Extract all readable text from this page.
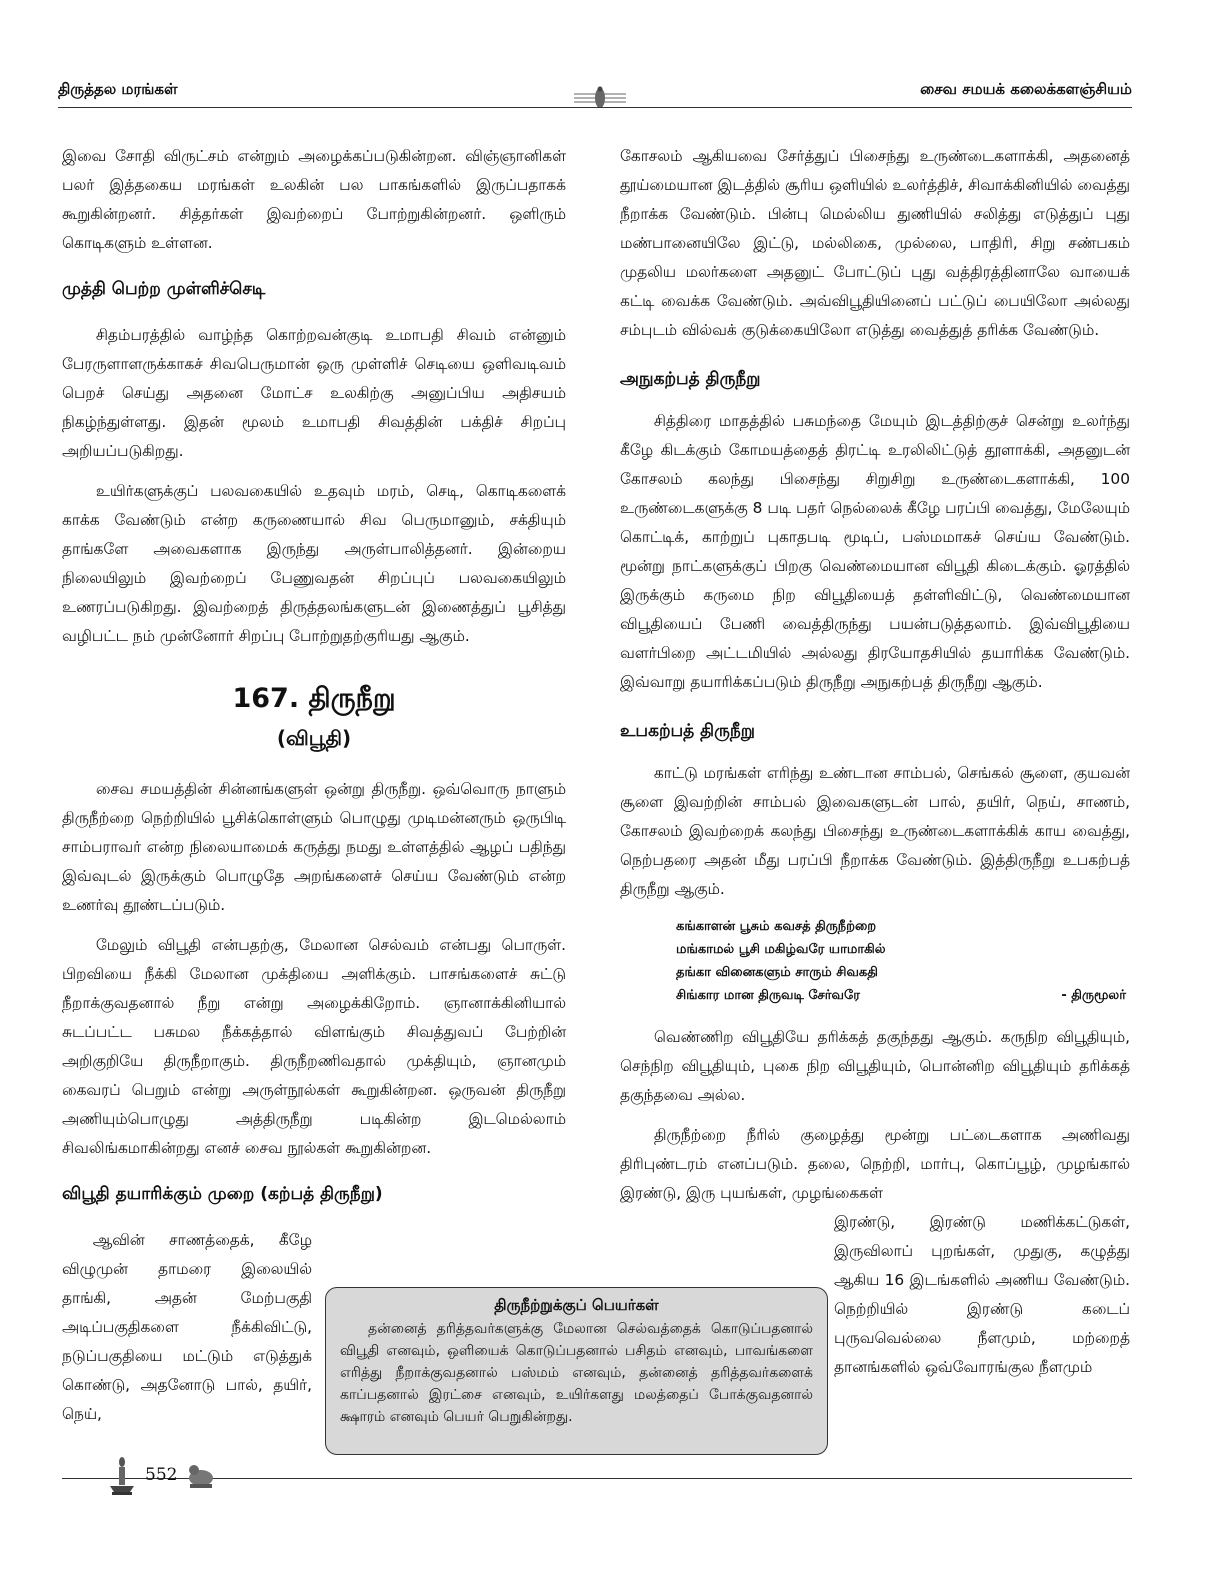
திருத்தல மரங்கள்	சைவ சமயக் கலைக்களஞ்சியம்

இவை சோதி விருட்சம் என்றும் அழைக்கப்படுகின்றன. விஞ்ஞானிகள் பலர் இத்தகைய மரங்கள் உலகின் பல பாகங்களில் இருப்பதாகக் கூறுகின்றனர். சித்தர்கள் இவற்றைப் போற்றுகின்றனர். ஒளிரும் கொடிகளும் உள்ளன.

முத்தி பெற்ற முள்ளிச்செடி

சிதம்பரத்தில் வாழ்ந்த கொற்றவன்குடி உமாபதி சிவம் என்னும் பேரருளாளருக்காகச் சிவபெருமான் ஒரு முள்ளிச் செடியை ஒளிவடிவம் பெறச் செய்து அதனை மோட்ச உலகிற்கு அனுப்பிய அதிசயம் நிகழ்ந்துள்ளது. இதன் மூலம் உமாபதி சிவத்தின் பக்திச் சிறப்பு அறியப்படுகிறது.

உயிர்களுக்குப் பலவகையில் உதவும் மரம், செடி, கொடிகளைக் காக்க வேண்டும் என்ற கருணையால் சிவ பெருமானும், சக்தியும் தாங்களே அவைகளாக இருந்து அருள்பாலித்தனர். இன்றைய நிலையிலும் இவற்றைப் பேணுவதன் சிறப்புப் பலவகையிலும் உணரப்படுகிறது. இவற்றைத் திருத்தலங்களுடன் இணைத்துப் பூசித்து வழிபட்ட நம் முன்னோர் சிறப்பு போற்றுதற்குரியது ஆகும்.

167. திருநீறு
(விபூதி)

சைவ சமயத்தின் சின்னங்களுள் ஒன்று திருநீறு. ஒவ்வொரு நாளும் திருநீற்றை நெற்றியில் பூசிக்கொள்ளும் பொழுது முடிமன்னரும் ஒருபிடி சாம்பராவர் என்ற நிலையாமைக் கருத்து நமது உள்ளத்தில் ஆழப் பதிந்து இவ்வுடல் இருக்கும் பொழுதே அறங்களைச் செய்ய வேண்டும் என்ற உணர்வு தூண்டப்படும்.

மேலும் விபூதி என்பதற்கு, மேலான செல்வம் என்பது பொருள். பிறவியை நீக்கி மேலான முக்தியை அளிக்கும். பாசங்களைச் சுட்டு நீறாக்குவதனால் நீறு என்று அழைக்கிறோம். ஞானாக்கினியால் சுடப்பட்ட பசுமல நீக்கத்தால் விளங்கும் சிவத்துவப் பேற்றின் அறிகுறியே திருநீறாகும். திருநீறணிவதால் முக்தியும், ஞானமும் கைவரப் பெறும் என்று அருள்நூல்கள் கூறுகின்றன. ஒருவன் திருநீறு அணியும்பொழுது அத்திருநீறு படிகின்ற இடமெல்லாம் சிவலிங்கமாகின்றது எனச் சைவ நூல்கள் கூறுகின்றன.

விபூதி தயாரிக்கும் முறை (கற்பத் திருநீறு)

ஆவின் சாணத்தைக், கீழே விழுமுன் தாமரை இலையில் தாங்கி, அதன் மேற்பகுதி அடிப்பகுதிகளை நீக்கிவிட்டு, நடுப்பகுதியை மட்டும் எடுத்துக் கொண்டு, அதனோடு பால், தயிர், நெய்,

கோசலம் ஆகியவை சேர்த்துப் பிசைந்து உருண்டைகளாக்கி, அதனைத் தூய்மையான இடத்தில் சூரிய ஒளியில் உலர்த்திச், சிவாக்கினியில் வைத்து நீறாக்க வேண்டும். பின்பு மெல்லிய துணியில் சலித்து எடுத்துப் புது மண்பானையிலே இட்டு, மல்லிகை, முல்லை, பாதிரி, சிறு சண்பகம் முதலிய மலர்களை அதனுட் போட்டுப் புது வத்திரத்தினாலே வாயைக் கட்டி வைக்க வேண்டும். அவ்விபூதியினைப் பட்டுப் பையிலோ அல்லது சம்புடம் வில்வக் குடுக்கையிலோ எடுத்து வைத்துத் தரிக்க வேண்டும்.

அநுகற்பத் திருநீறு

சித்திரை மாதத்தில் பசுமந்தை மேயும் இடத்திற்குச் சென்று உலர்ந்து கீழே கிடக்கும் கோமயத்தைத் திரட்டி உரலிலிட்டுத் தூளாக்கி, அதனுடன் கோசலம் கலந்து பிசைந்து சிறுசிறு உருண்டைகளாக்கி, 100 உருண்டைகளுக்கு 8 படி பதர் நெல்லைக் கீழே பரப்பி வைத்து, மேலேயும் கொட்டிக், காற்றுப் புகாதபடி மூடிப், பஸ்மமாகச் செய்ய வேண்டும். மூன்று நாட்களுக்குப் பிறகு வெண்மையான விபூதி கிடைக்கும். ஓரத்தில் இருக்கும் கருமை நிற விபூதியைத் தள்ளிவிட்டு, வெண்மையான விபூதியைப் பேணி வைத்திருந்து பயன்படுத்தலாம். இவ்விபூதியை வளர்பிறை அட்டமியில் அல்லது திரயோதசியில் தயாரிக்க வேண்டும். இவ்வாறு தயாரிக்கப்படும் திருநீறு அநுகற்பத் திருநீறு ஆகும்.

உபகற்பத் திருநீறு

காட்டு மரங்கள் எரிந்து உண்டான சாம்பல், செங்கல் சூளை, குயவன் சூளை இவற்றின் சாம்பல் இவைகளுடன் பால், தயிர், நெய், சாணம், கோசலம் இவற்றைக் கலந்து பிசைந்து உருண்டைகளாக்கிக் காய வைத்து, நெற்பதரை அதன் மீது பரப்பி நீறாக்க வேண்டும். இத்திருநீறு உபகற்பத் திருநீறு ஆகும்.

கங்காளன் பூசும் கவசத் திருநீற்றை
மங்காமல் பூசி மகிழ்வரே யாமாகில்
தங்கா வினைகளும் சாரும் சிவகதி
சிங்கார மான திருவடி சேர்வரே	- திருமூலர்

வெண்ணிற விபூதியே தரிக்கத் தகுந்தது ஆகும். கருநிற விபூதியும், செந்நிற விபூதியும், புகை நிற விபூதியும், பொன்னிற விபூதியும் தரிக்கத் தகுந்தவை அல்ல.

திருநீற்றை நீரில் குழைத்து மூன்று பட்டைகளாக அணிவது திரிபுண்டரம் எனப்படும். தலை, நெற்றி, மார்பு, கொப்பூழ், முழங்கால் இரண்டு, இரு புயங்கள், முழங்கைகள்

இரண்டு, இரண்டு மணிக்கட்டுகள், இருவிலாப் புறங்கள், முதுகு, கழுத்து ஆகிய 16 இடங்களில் அணிய வேண்டும். நெற்றியில் இரண்டு கடைப் புருவவெல்லை நீளமும், மற்றைத் தானங்களில் ஒவ்வோரங்குல நீளமும்

திருநீற்றுக்குப் பெயர்கள்

தன்னைத் தரித்தவர்களுக்கு மேலான செல்வத்தைக் கொடுப்பதனால் விபூதி எனவும், ஒளியைக் கொடுப்பதனால் பசிதம் எனவும், பாவங்களை எரித்து நீறாக்குவதனால் பஸ்மம் எனவும், தன்னைத் தரித்தவர்களைக் காப்பதனால் இரட்சை எனவும், உயிர்களது மலத்தைப் போக்குவதனால் க்ஷாரம் எனவும் பெயர் பெறுகின்றது.

552
